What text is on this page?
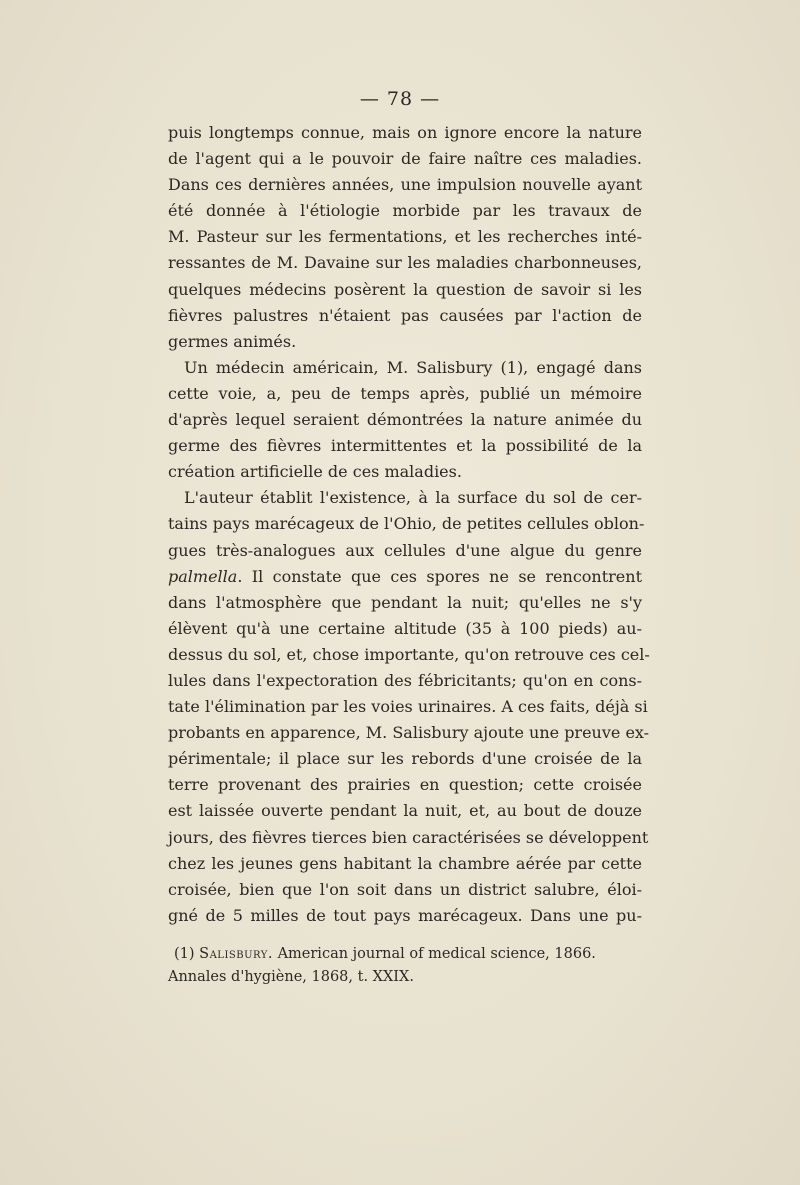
— 78 —
puis longtemps connue, mais on ignore encore la nature
de l'agent qui a le pouvoir de faire naître ces maladies.
Dans ces dernières années, une impulsion nouvelle ayant
été donnée à l'étiologie morbide par les travaux de
M. Pasteur sur les fermentations, et les recherches inté-
ressantes de M. Davaine sur les maladies charbonneuses,
quelques médecins posèrent la question de savoir si les
fièvres palustres n'étaient pas causées par l'action de
germes animés.
Un médecin américain, M. Salisbury (1), engagé dans
cette voie, a, peu de temps après, publié un mémoire
d'après lequel seraient démontrées la nature animée du
germe des fièvres intermittentes et la possibilité de la
création artificielle de ces maladies.
L'auteur établit l'existence, à la surface du sol de cer-
tains pays marécageux de l'Ohio, de petites cellules oblon-
gues très-analogues aux cellules d'une algue du genre
palmella. Il constate que ces spores ne se rencontrent
dans l'atmosphère que pendant la nuit; qu'elles ne s'y
élèvent qu'à une certaine altitude (35 à 100 pieds) au-
dessus du sol, et, chose importante, qu'on retrouve ces cel-
lules dans l'expectoration des fébricitants; qu'on en cons-
tate l'élimination par les voies urinaires. A ces faits, déjà si
probants en apparence, M. Salisbury ajoute une preuve ex-
périmentale; il place sur les rebords d'une croisée de la
terre provenant des prairies en question; cette croisée
est laissée ouverte pendant la nuit, et, au bout de douze
jours, des fièvres tierces bien caractérisées se développent
chez les jeunes gens habitant la chambre aérée par cette
croisée, bien que l'on soit dans un district salubre, éloi-
gné de 5 milles de tout pays marécageux. Dans une pu-
(1) Salisbury. American journal of medical science, 1866.
Annales d'hygiène, 1868, t. XXIX.
